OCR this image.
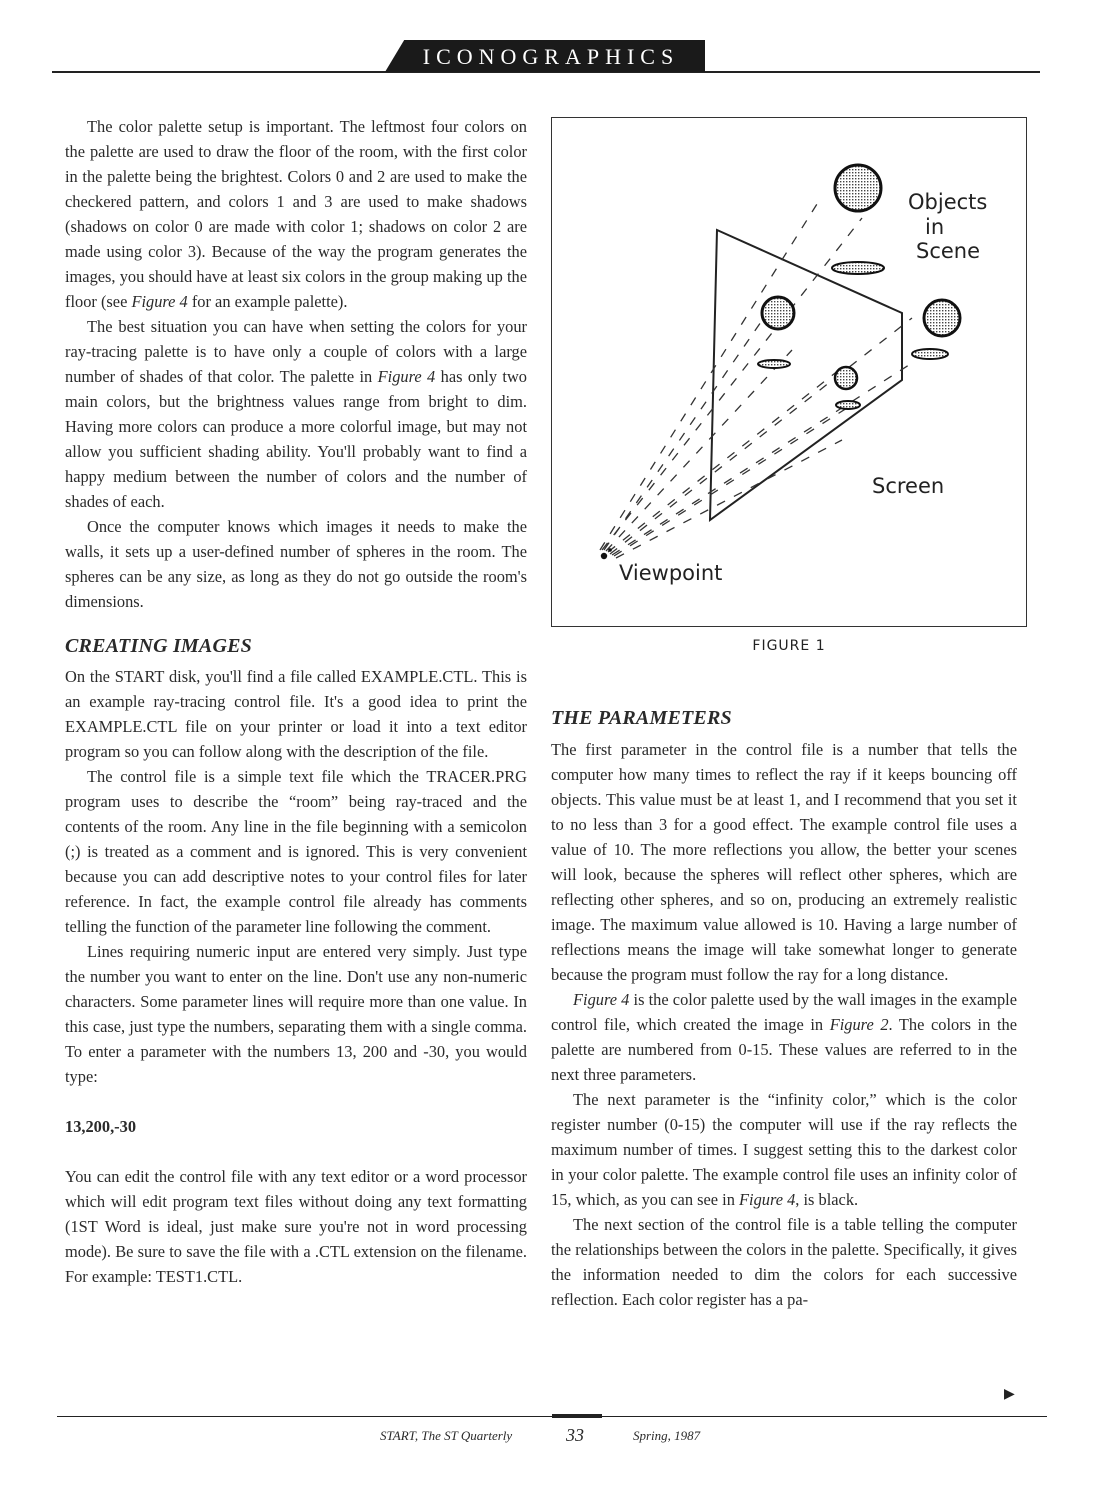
ICONOGRAPHICS

The color palette setup is important. The leftmost four colors on the palette are used to draw the floor of the room, with the first color in the palette being the brightest. Colors 0 and 2 are used to make the checkered pattern, and colors 1 and 3 are used to make shadows (shadows on color 0 are made with color 1; shadows on color 2 are made using color 3). Because of the way the program generates the images, you should have at least six colors in the group making up the floor (see Figure 4 for an example palette).

The best situation you can have when setting the colors for your ray-tracing palette is to have only a couple of colors with a large number of shades of that color. The palette in Figure 4 has only two main colors, but the brightness values range from bright to dim. Having more colors can produce a more colorful image, but may not allow you sufficient shading ability. You'll probably want to find a happy medium between the number of colors and the number of shades of each.

Once the computer knows which images it needs to make the walls, it sets up a user-defined number of spheres in the room. The spheres can be any size, as long as they do not go outside the room's dimensions.

CREATING IMAGES

On the START disk, you'll find a file called EXAMPLE.CTL. This is an example ray-tracing control file. It's a good idea to print the EXAMPLE.CTL file on your printer or load it into a text editor program so you can follow along with the description of the file.

The control file is a simple text file which the TRACER.PRG program uses to describe the “room” being ray-traced and the contents of the room. Any line in the file beginning with a semicolon (;) is treated as a comment and is ignored. This is very convenient because you can add descriptive notes to your control files for later reference. In fact, the example control file already has comments telling the function of the parameter line following the comment.

Lines requiring numeric input are entered very simply. Just type the number you want to enter on the line. Don't use any non-numeric characters. Some parameter lines will require more than one value. In this case, just type the numbers, separating them with a single comma. To enter a parameter with the numbers 13, 200 and -30, you would type:

13,200,-30

You can edit the control file with any text editor or a word processor which will edit program text files without doing any text formatting (1ST Word is ideal, just make sure you're not in word processing mode). Be sure to save the file with a .CTL extension on the filename. For example: TEST1.CTL.

Objects
in
Scene
Screen
Viewpoint
FIGURE 1
THE PARAMETERS

The first parameter in the control file is a number that tells the computer how many times to reflect the ray if it keeps bouncing off objects. This value must be at least 1, and I recommend that you set it to no less than 3 for a good effect. The example control file uses a value of 10. The more reflections you allow, the better your scenes will look, because the spheres will reflect other spheres, which are reflecting other spheres, and so on, producing an extremely realistic image. The maximum value allowed is 10. Having a large number of reflections means the image will take somewhat longer to generate because the program must follow the ray for a long distance.

Figure 4 is the color palette used by the wall images in the example control file, which created the image in Figure 2. The colors in the palette are numbered from 0-15. These values are referred to in the next three parameters.

The next parameter is the “infinity color,” which is the color register number (0-15) the computer will use if the ray reflects the maximum number of times. I suggest setting this to the darkest color in your color palette. The example control file uses an infinity color of 15, which, as you can see in Figure 4, is black.

The next section of the control file is a table telling the computer the relationships between the colors in the palette. Specifically, it gives the information needed to dim the colors for each successive reflection. Each color register has a pa-

▶
START, The ST Quarterly	33	Spring, 1987
